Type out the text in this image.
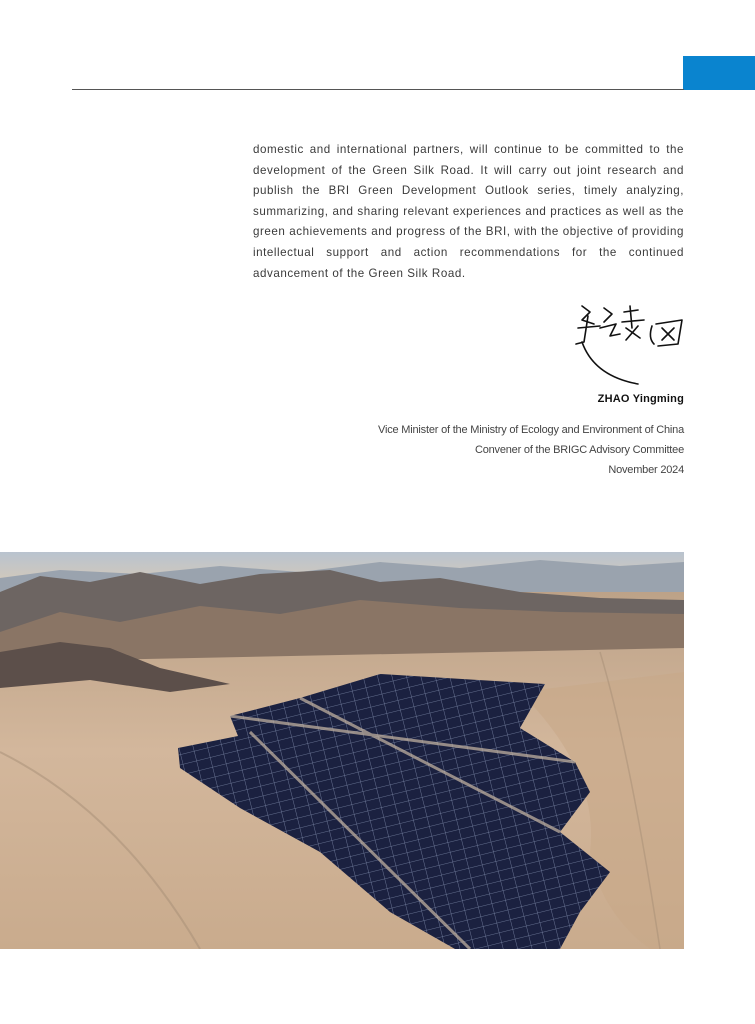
domestic and international partners, will continue to be committed to the development of the Green Silk Road. It will carry out joint research and publish the BRI Green Development Outlook series, timely analyzing, summarizing, and sharing relevant experiences and practices as well as the green achievements and progress of the BRI, with the objective of providing intellectual support and action recommendations for the continued advancement of the Green Silk Road.

ZHAO Yingming
Vice Minister of the Ministry of Ecology and Environment of China
Convener of the BRIGC Advisory Committee
November 2024
